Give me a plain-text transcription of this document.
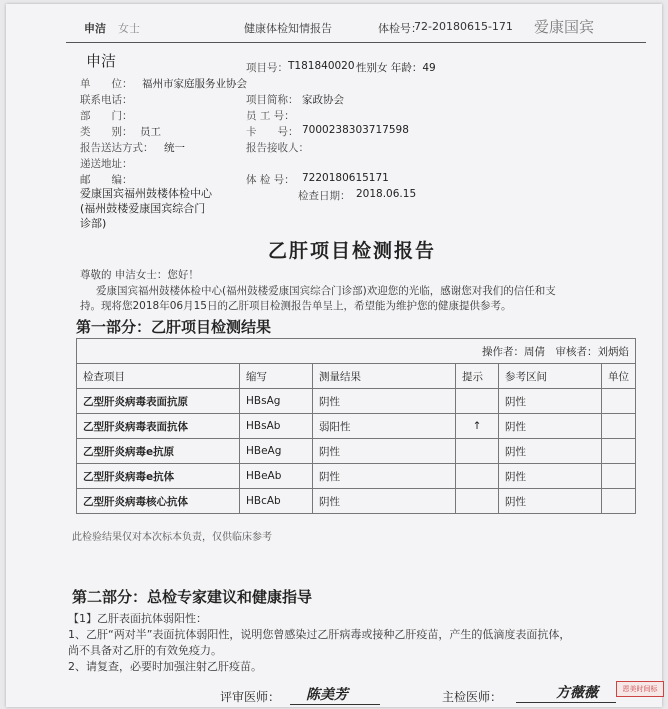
申洁 女士	健康体检知情报告	体检号：
72-20180615-171 爱康国宾
申洁	项目号： T181840020 性别女 年龄：49
单　　位： 福州市家庭服务业协会
联系电话：
部　　门：
类　　别： 员工
报告送达方式： 统一
递送地址：
邮　　编：
项目简称： 家政协会
员 工 号：
卡　　号： 7000238303717598
报告接收人：
体 检 号： 7220180615171
爱康国宾福州鼓楼体检中心
(福州鼓楼爱康国宾综合门
诊部)
检查日期： 2018.06.15
乙肝项目检测报告
尊敬的 申洁女士：您好！
爱康国宾福州鼓楼体检中心(福州鼓楼爱康国宾综合门诊部)欢迎您的光临，感谢您对我们的信任和支
持。现将您2018年06月15日的乙肝项目检测报告单呈上，希望能为维护您的健康提供参考。
第一部分：乙肝项目检测结果
操作者：周倩　审核者：刘炳焰					
检查项目	缩写	测量结果	提示	参考区间	单位
乙型肝炎病毒表面抗原	HBsAg	阴性		阴性	
乙型肝炎病毒表面抗体	HBsAb	弱阳性	↑	阴性	
乙型肝炎病毒e抗原	HBeAg	阴性		阴性	
乙型肝炎病毒e抗体	HBeAb	阴性		阴性	
乙型肝炎病毒核心抗体	HBcAb	阴性		阴性	
此检验结果仅对本次标本负责，仅供临床参考
第二部分：总检专家建议和健康指导
【1】乙肝表面抗体弱阳性：
1、乙肝“两对半”表面抗体弱阳性，说明您曾感染过乙肝病毒或接种乙肝疫苗，产生的低滴度表面抗体，
尚不具备对乙肝的有效免疫力。
2、请复查，必要时加强注射乙肝疫苗。
评审医师： 陈美芳	主检医师：	方薇薇	恩美时间标
